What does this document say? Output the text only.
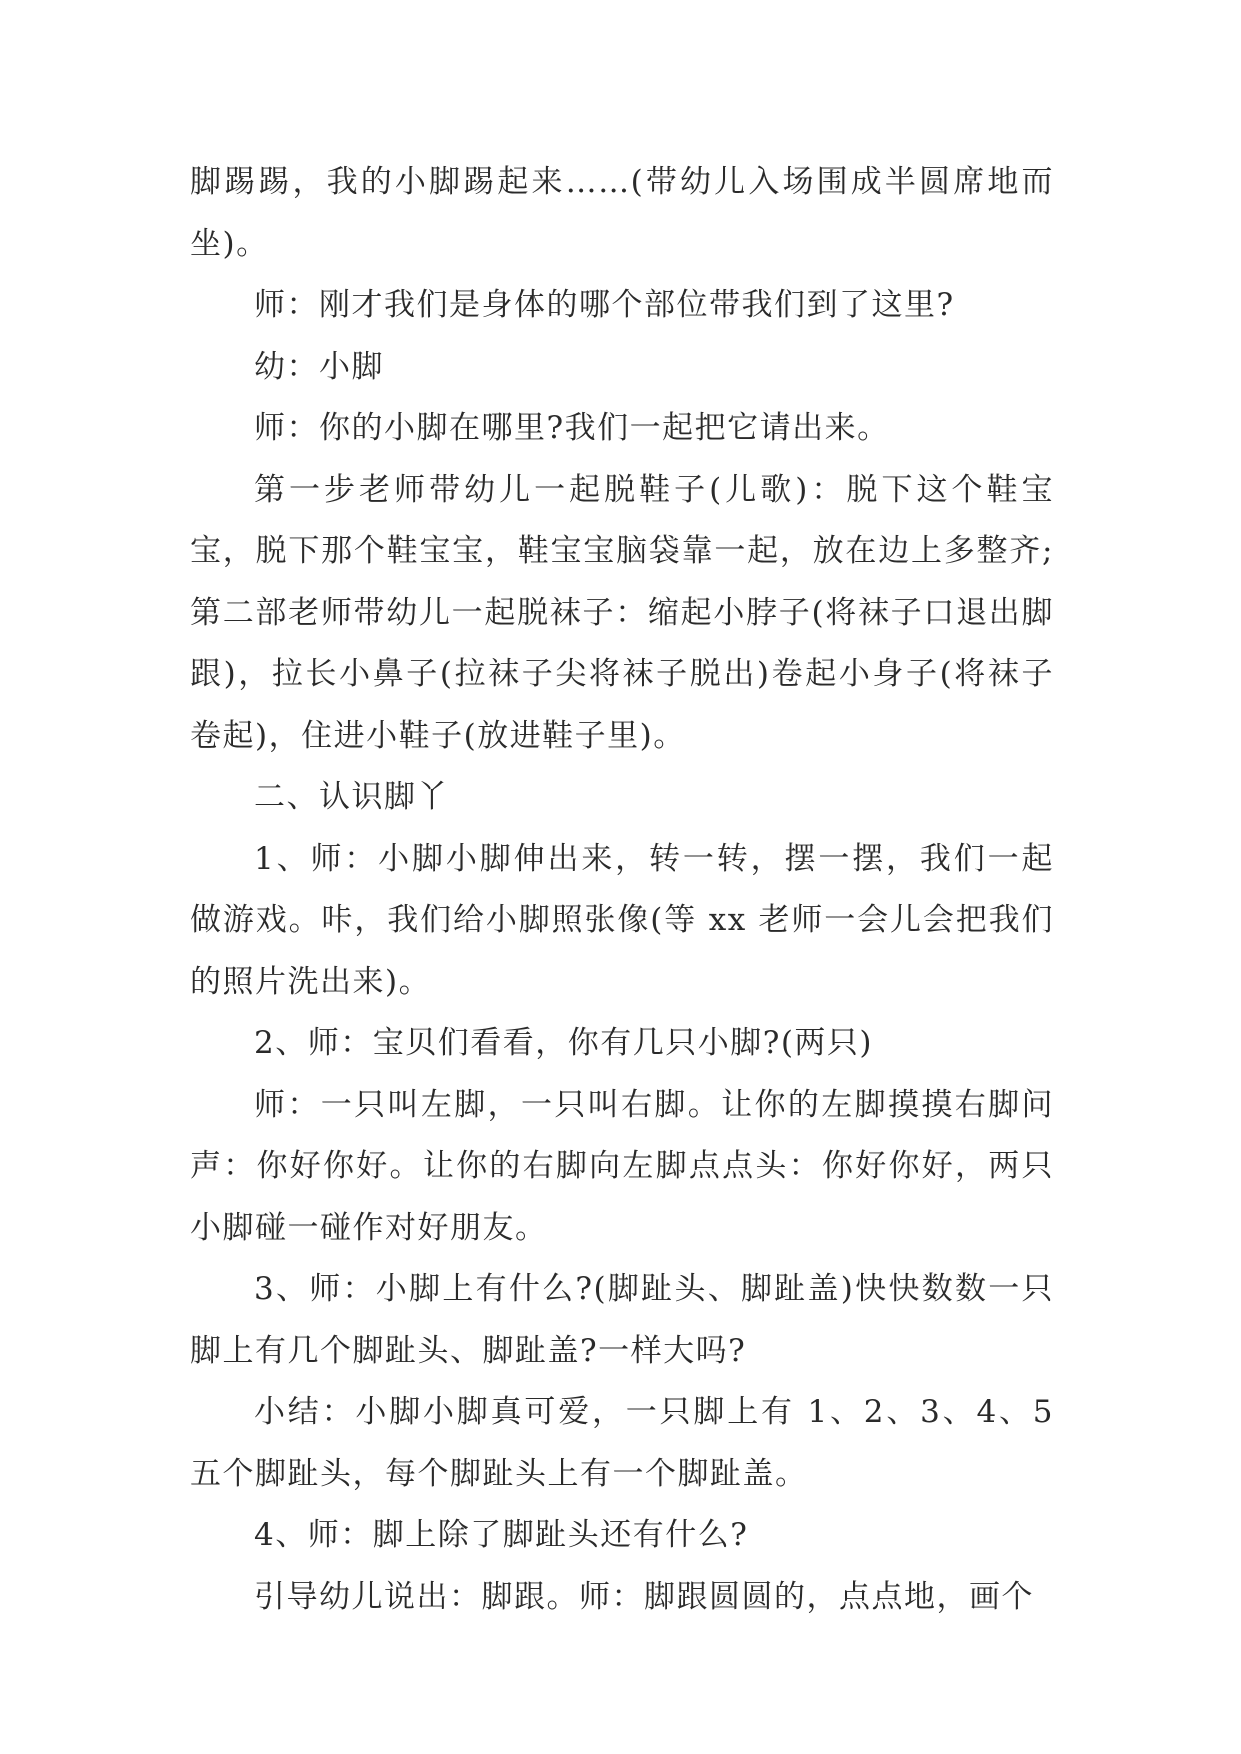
脚踢踢，我的小脚踢起来……(带幼儿入场围成半圆席地而坐)。

师：刚才我们是身体的哪个部位带我们到了这里?

幼：小脚

师：你的小脚在哪里?我们一起把它请出来。

第一步老师带幼儿一起脱鞋子(儿歌)：脱下这个鞋宝宝，脱下那个鞋宝宝，鞋宝宝脑袋靠一起，放在边上多整齐;第二部老师带幼儿一起脱袜子：缩起小脖子(将袜子口退出脚跟)，拉长小鼻子(拉袜子尖将袜子脱出)卷起小身子(将袜子卷起)，住进小鞋子(放进鞋子里)。

二、认识脚丫

1、师：小脚小脚伸出来，转一转，摆一摆，我们一起做游戏。咔，我们给小脚照张像(等 xx 老师一会儿会把我们的照片洗出来)。

2、师：宝贝们看看，你有几只小脚?(两只)

师：一只叫左脚，一只叫右脚。让你的左脚摸摸右脚问声：你好你好。让你的右脚向左脚点点头：你好你好，两只小脚碰一碰作对好朋友。

3、师：小脚上有什么?(脚趾头、脚趾盖)快快数数一只脚上有几个脚趾头、脚趾盖?一样大吗?

小结：小脚小脚真可爱，一只脚上有 1、2、3、4、5 五个脚趾头，每个脚趾头上有一个脚趾盖。

4、师：脚上除了脚趾头还有什么?

引导幼儿说出：脚跟。师：脚跟圆圆的，点点地，画个
